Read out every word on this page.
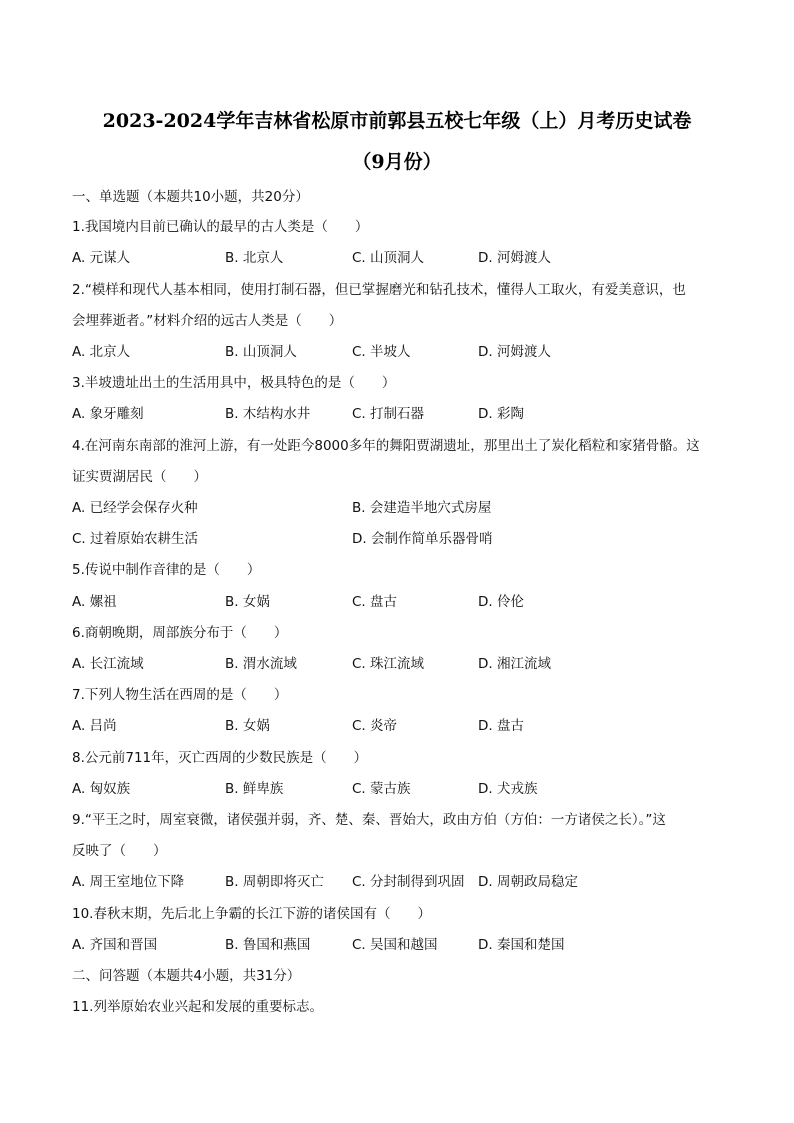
2023-2024学年吉林省松原市前郭县五校七年级（上）月考历史试卷
（9月份）
一、单选题（本题共10小题，共20分）
1.我国境内目前已确认的最早的古人类是（　　）
A. 元谋人	B. 北京人	C. 山顶洞人	D. 河姆渡人
2.“模样和现代人基本相同，使用打制石器，但已掌握磨光和钻孔技术，懂得人工取火，有爱美意识，也
会埋葬逝者。”材料介绍的远古人类是（　　）
A. 北京人	B. 山顶洞人	C. 半坡人	D. 河姆渡人
3.半坡遗址出土的生活用具中，极具特色的是（　　）
A. 象牙雕刻	B. 木结构水井	C. 打制石器	D. 彩陶
4.在河南东南部的淮河上游，有一处距今8000多年的舞阳贾湖遗址，那里出土了炭化稻粒和家猪骨骼。这
证实贾湖居民（　　）
A. 已经学会保存火种	B. 会建造半地穴式房屋
C. 过着原始农耕生活	D. 会制作简单乐器骨哨
5.传说中制作音律的是（　　）
A. 嫘祖	B. 女娲	C. 盘古	D. 伶伦
6.商朝晚期，周部族分布于（　　）
A. 长江流域	B. 渭水流域	C. 珠江流域	D. 湘江流域
7.下列人物生活在西周的是（　　）
A. 吕尚	B. 女娲	C. 炎帝	D. 盘古
8.公元前711年，灭亡西周的少数民族是（　　）
A. 匈奴族	B. 鲜卑族	C. 蒙古族	D. 犬戎族
9.“平王之时，周室衰微，诸侯强并弱，齐、楚、秦、晋始大，政由方伯（方伯：一方诸侯之长）。”这
反映了（　　）
A. 周王室地位下降	B. 周朝即将灭亡 C. 分封制得到巩固 D. 周朝政局稳定
10.春秋末期，先后北上争霸的长江下游的诸侯国有（　　）
A. 齐国和晋国	B. 鲁国和燕国	C. 吴国和越国	D. 秦国和楚国
二、问答题（本题共4小题，共31分）
11.列举原始农业兴起和发展的重要标志。
